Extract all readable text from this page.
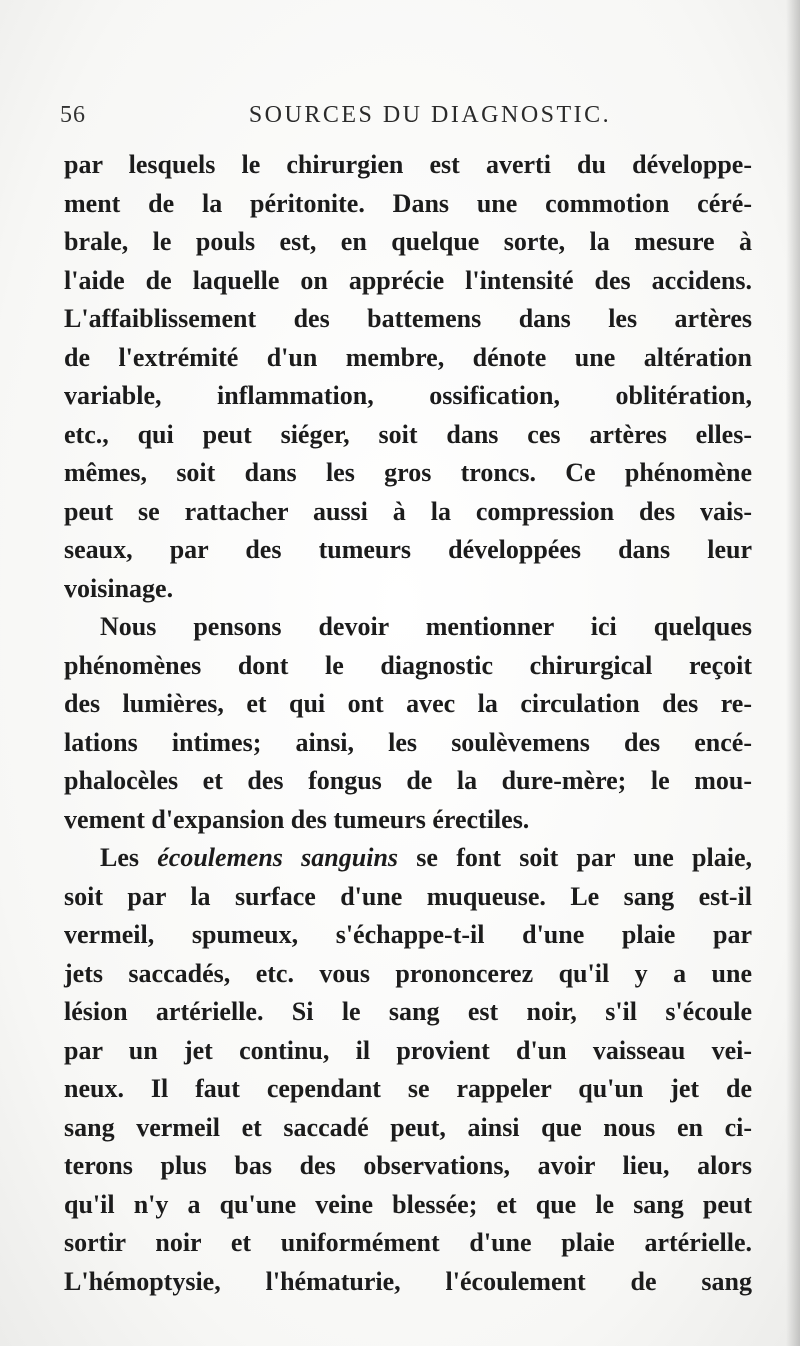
56	SOURCES DU DIAGNOSTIC.
par lesquels le chirurgien est averti du développe-
ment de la péritonite. Dans une commotion céré-
brale, le pouls est, en quelque sorte, la mesure à
l'aide de laquelle on apprécie l'intensité des accidens.
L'affaiblissement des battemens dans les artères
de l'extrémité d'un membre, dénote une altération
variable, inflammation, ossification, oblitération,
etc., qui peut siéger, soit dans ces artères elles-
mêmes, soit dans les gros troncs. Ce phénomène
peut se rattacher aussi à la compression des vais-
seaux, par des tumeurs développées dans leur
voisinage.
Nous pensons devoir mentionner ici quelques
phénomènes dont le diagnostic chirurgical reçoit
des lumières, et qui ont avec la circulation des re-
lations intimes; ainsi, les soulèvemens des encé-
phalocèles et des fongus de la dure-mère; le mou-
vement d'expansion des tumeurs érectiles.
Les écoulemens sanguins se font soit par une plaie,
soit par la surface d'une muqueuse. Le sang est-il
vermeil, spumeux, s'échappe-t-il d'une plaie par
jets saccadés, etc. vous prononcerez qu'il y a une
lésion artérielle. Si le sang est noir, s'il s'écoule
par un jet continu, il provient d'un vaisseau vei-
neux. Il faut cependant se rappeler qu'un jet de
sang vermeil et saccadé peut, ainsi que nous en ci-
terons plus bas des observations, avoir lieu, alors
qu'il n'y a qu'une veine blessée; et que le sang peut
sortir noir et uniformément d'une plaie artérielle.
L'hémoptysie, l'hématurie, l'écoulement de sang
